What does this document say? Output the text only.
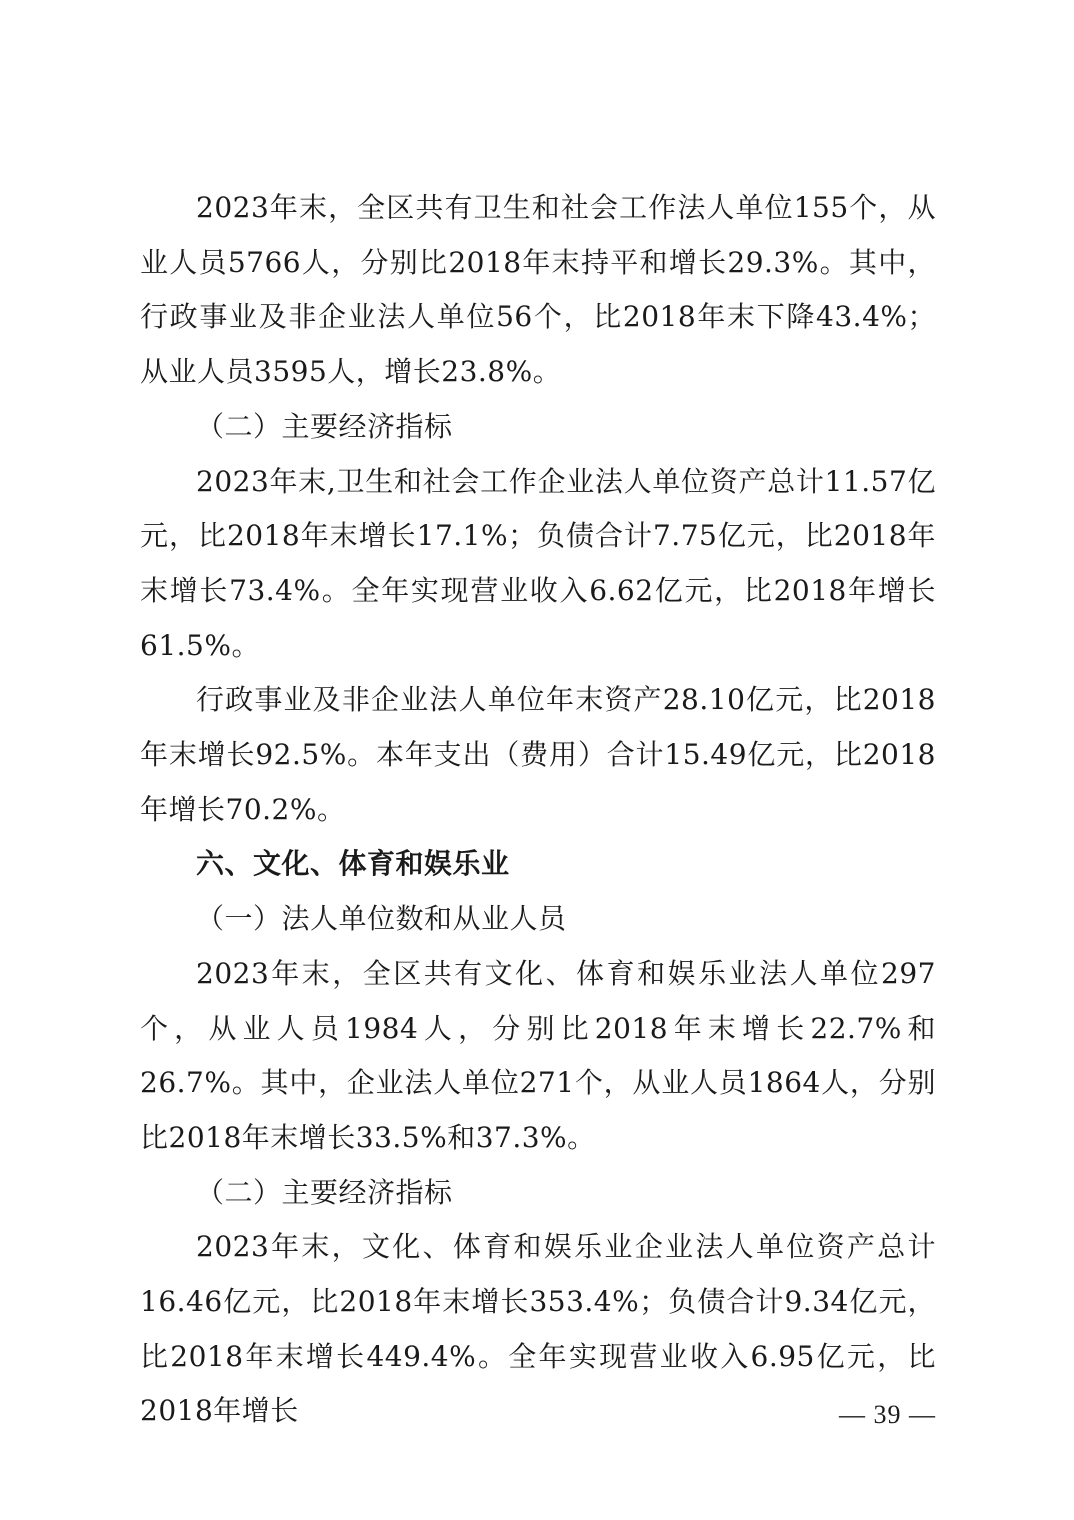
2023年末，全区共有卫生和社会工作法人单位155个，从业人员5766人，分别比2018年末持平和增长29.3%。其中，行政事业及非企业法人单位56个，比2018年末下降43.4%；从业人员3595人，增长23.8%。

（二）主要经济指标

2023年末,卫生和社会工作企业法人单位资产总计11.57亿元，比2018年末增长17.1%；负债合计7.75亿元，比2018年末增长73.4%。全年实现营业收入6.62亿元，比2018年增长61.5%。

行政事业及非企业法人单位年末资产28.10亿元，比2018年末增长92.5%。本年支出（费用）合计15.49亿元，比2018年增长70.2%。

六、文化、体育和娱乐业

（一）法人单位数和从业人员

2023年末，全区共有文化、体育和娱乐业法人单位297个，从业人员1984人，分别比2018年末增长22.7%和26.7%。其中，企业法人单位271个，从业人员1864人，分别比2018年末增长33.5%和37.3%。

（二）主要经济指标

2023年末，文化、体育和娱乐业企业法人单位资产总计16.46亿元，比2018年末增长353.4%；负债合计9.34亿元，比2018年末增长449.4%。全年实现营业收入6.95亿元，比2018年增长	— 39 —
